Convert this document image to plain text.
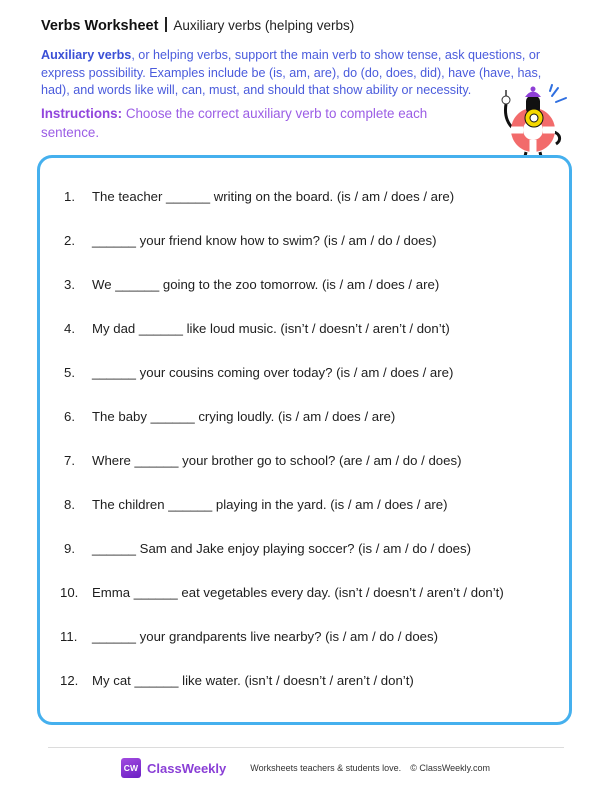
Verbs Worksheet Auxiliary verbs (helping verbs)
Auxiliary verbs, or helping verbs, support the main verb to show tense, ask questions, or express possibility. Examples include be (is, am, are), do (do, does, did), have (have, has, had), and words like will, can, must, and should that show ability or necessity.
Instructions: Choose the correct auxiliary verb to complete each sentence.
1.	The teacher ______ writing on the board. (is / am / does / are)
2.	______ your friend know how to swim? (is / am / do / does)
3.	We ______ going to the zoo tomorrow. (is / am / does / are)
4.	My dad ______ like loud music. (isn’t / doesn’t / aren’t / don’t)
5.	______ your cousins coming over today? (is / am / does / are)
6.	The baby ______ crying loudly. (is / am / does / are)
7.	Where ______ your brother go to school? (are / am / do / does)
8.	The children ______ playing in the yard. (is / am / does / are)
9.	______ Sam and Jake enjoy playing soccer? (is / am / do / does)
10.	Emma ______ eat vegetables every day. (isn’t / doesn’t / aren’t / don’t)
11.	______ your grandparents live nearby? (is / am / do / does)
12.	My cat ______ like water. (isn’t / doesn’t / aren’t / don’t)
CW ClassWeekly	Worksheets teachers & students love. © ClassWeekly.com
